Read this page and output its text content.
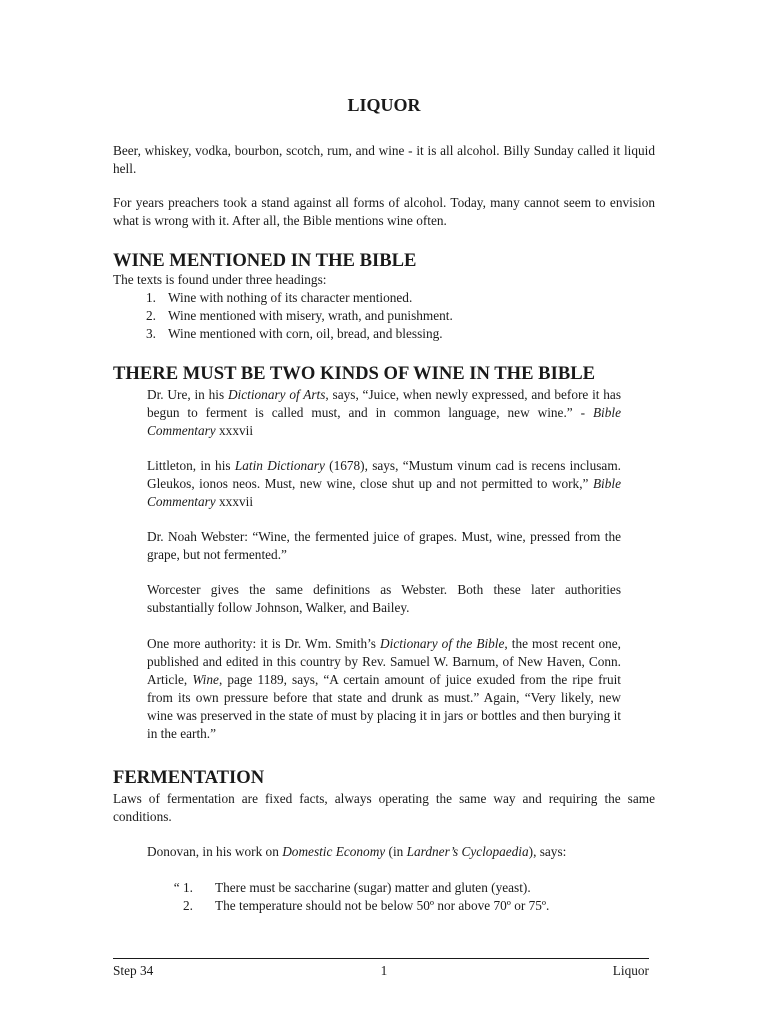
LIQUOR
Beer, whiskey, vodka, bourbon, scotch, rum, and wine - it is all alcohol. Billy Sunday called it liquid hell.
For years preachers took a stand against all forms of alcohol. Today, many cannot seem to envision what is wrong with it. After all, the Bible mentions wine often.
WINE MENTIONED IN THE BIBLE
The texts is found under three headings:
1. Wine with nothing of its character mentioned.
2. Wine mentioned with misery, wrath, and punishment.
3. Wine mentioned with corn, oil, bread, and blessing.
THERE MUST BE TWO KINDS OF WINE IN THE BIBLE
Dr. Ure, in his Dictionary of Arts, says, “Juice, when newly expressed, and before it has begun to ferment is called must, and in common language, new wine.” - Bible Commentary xxxvii
Littleton, in his Latin Dictionary (1678), says, “Mustum vinum cad is recens inclusam. Gleukos, ionos neos. Must, new wine, close shut up and not permitted to work,” Bible Commentary xxxvii
Dr. Noah Webster: “Wine, the fermented juice of grapes. Must, wine, pressed from the grape, but not fermented.”
Worcester gives the same definitions as Webster. Both these later authorities substantially follow Johnson, Walker, and Bailey.
One more authority: it is Dr. Wm. Smith’s Dictionary of the Bible, the most recent one, published and edited in this country by Rev. Samuel W. Barnum, of New Haven, Conn. Article, Wine, page 1189, says, “A certain amount of juice exuded from the ripe fruit from its own pressure before that state and drunk as must.” Again, “Very likely, new wine was preserved in the state of must by placing it in jars or bottles and then burying it in the earth.”
FERMENTATION
Laws of fermentation are fixed facts, always operating the same way and requiring the same conditions.
Donovan, in his work on Domestic Economy (in Lardner’s Cyclopaedia), says:
“ 1. There must be saccharine (sugar) matter and gluten (yeast).
2. The temperature should not be below 50º nor above 70º or 75º.
Step 34	1	Liquor
